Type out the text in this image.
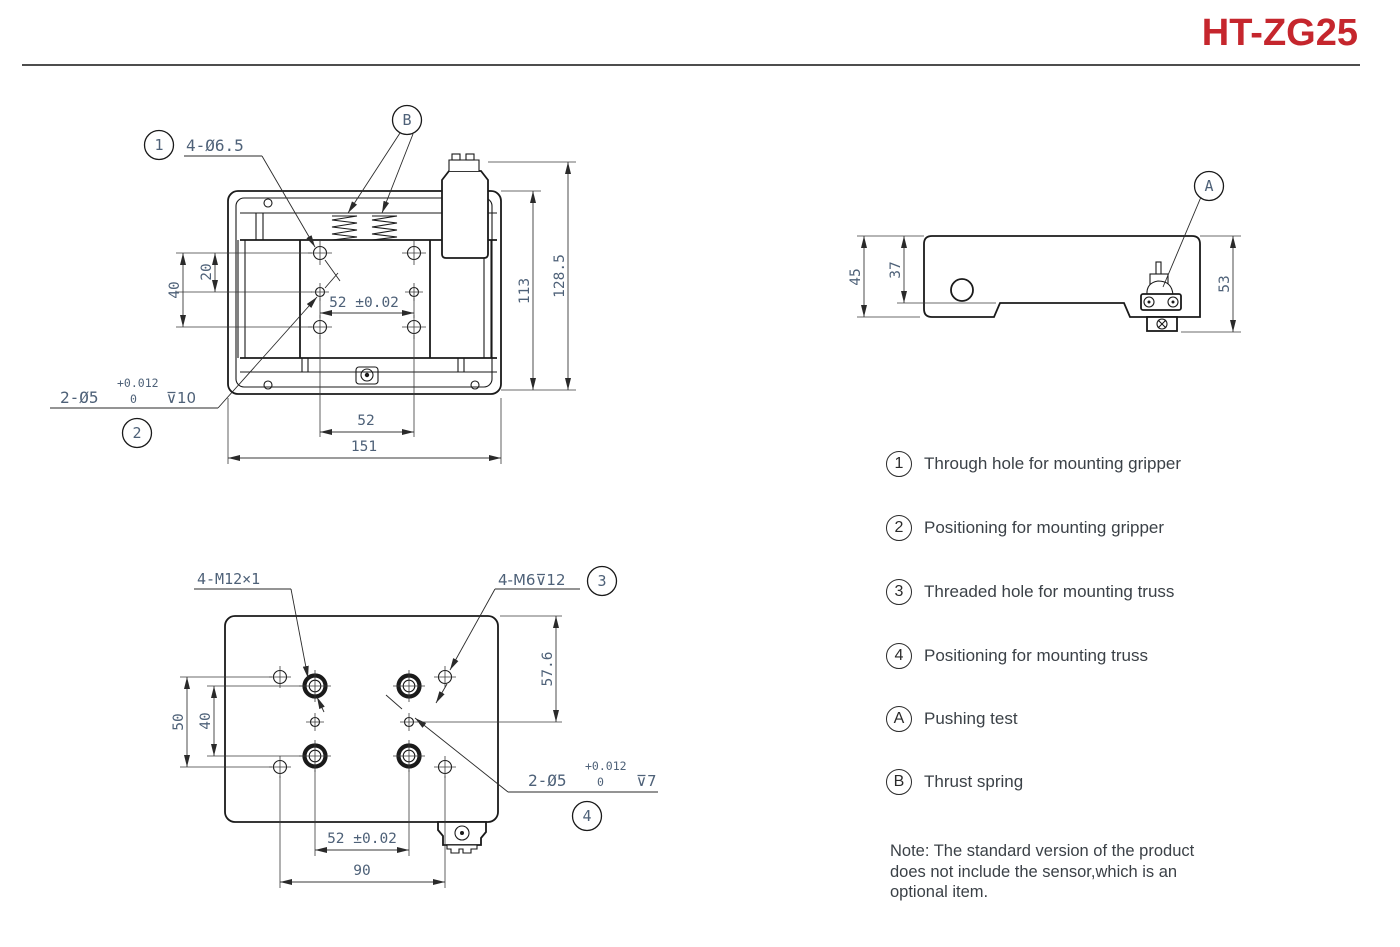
HT-ZG25
1 4-Ø6.5
B
2-Ø5
+0.012
0 ⊽10
2
40
20
52 ±0.02	113 128.5
52
151
A
45 37
53
4-M12×1	4-M6⊽12 3
2-Ø5
+0.012
0 ⊽7
4
50 40
57.6
52 ±0.02
90
1	Through hole for mounting gripper
2	Positioning for mounting gripper
3	Threaded hole for mounting truss
4	Positioning for mounting truss
A	Pushing test
B	Thrust spring
Note: The standard version of the product
does not include the sensor,which is an
optional item.
